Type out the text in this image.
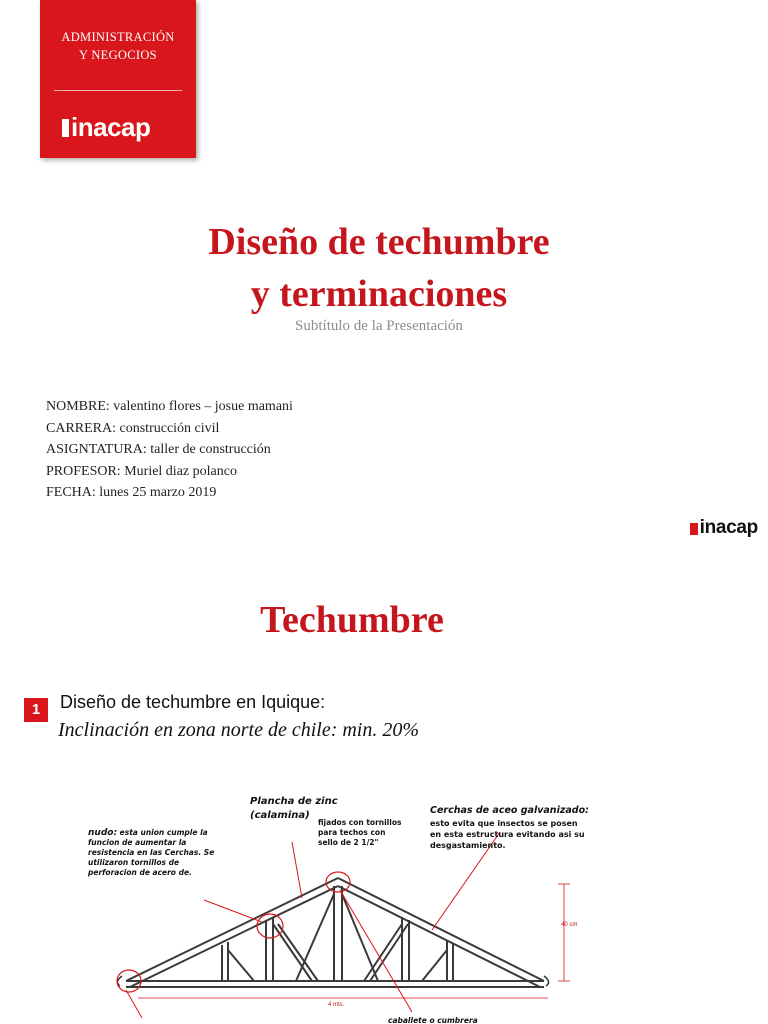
ADMINISTRACIÓN
Y NEGOCIOS
inacap
Diseño de techumbre
y terminaciones
Subtítulo de la Presentación
NOMBRE: valentino flores – josue mamani
CARRERA: construcción civil
ASIGNTATURA: taller de construcción
PROFESOR: Muriel diaz polanco
FECHA: lunes 25 marzo 2019
inacap
Techumbre
1	Diseño de techumbre en Iquique:
Inclinación en zona norte de chile: min. 20%
Plancha de zinc
(calamina)
fijados con tornillos
para techos con
sello de 2 1/2"
Cerchas de aceo galvanizado:
esto evita que insectos se posen
en esta estructura evitando asi su
desgastamiento.
nudo: esta union cumple la
funcion de aumentar la
resistencia en las Cerchas. Se
utilizaron tornillos de
perforacion de acero de.
40 cm
4 mts.
caballete o cumbrera
